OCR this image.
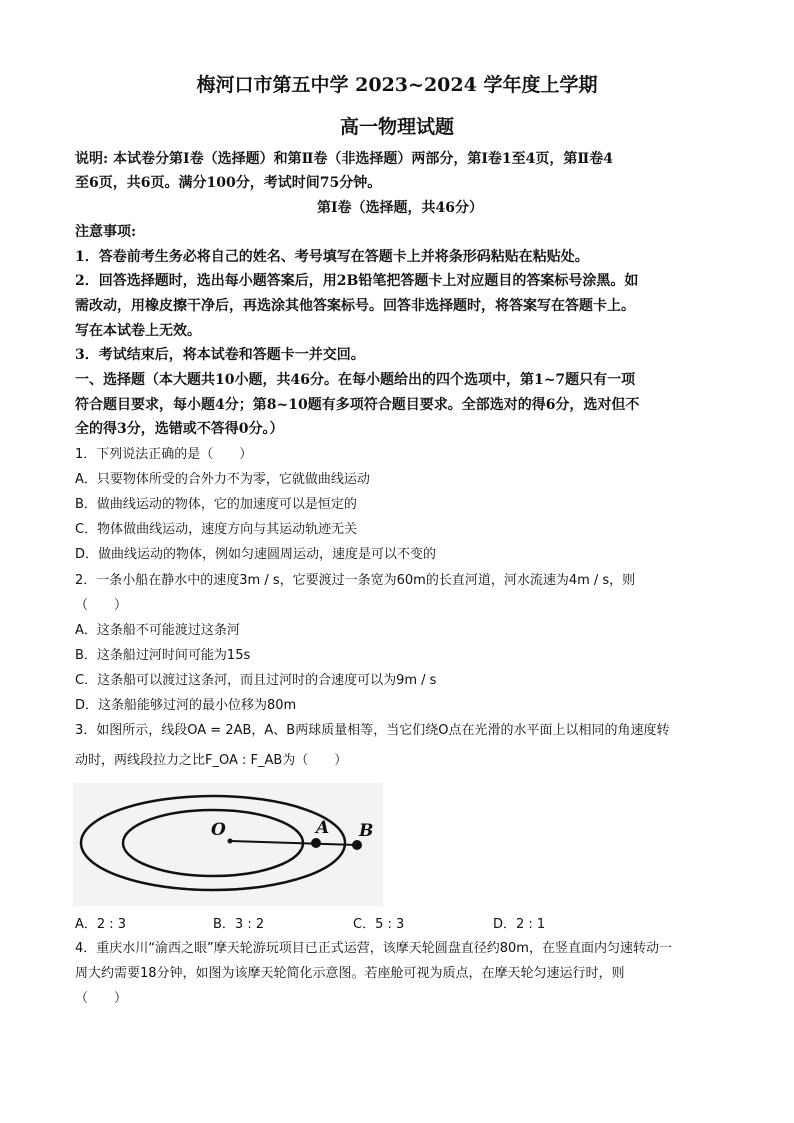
梅河口市第五中学 2023~2024 学年度上学期
高一物理试题
说明: 本试卷分第Ⅰ卷（选择题）和第Ⅱ卷（非选择题）两部分，第Ⅰ卷1至4页，第Ⅱ卷4
至6页，共6页。满分100分，考试时间75分钟。
第Ⅰ卷（选择题，共46分）
注意事项:
1．答卷前考生务必将自己的姓名、考号填写在答题卡上并将条形码粘贴在粘贴处。
2．回答选择题时，选出每小题答案后，用2B铅笔把答题卡上对应题目的答案标号涂黑。如
需改动，用橡皮擦干净后，再选涂其他答案标号。回答非选择题时，将答案写在答题卡上。
写在本试卷上无效。
3．考试结束后，将本试卷和答题卡一并交回。
一、选择题（本大题共10小题，共46分。在每小题给出的四个选项中，第1~7题只有一项
符合题目要求，每小题4分；第8~10题有多项符合题目要求。全部选对的得6分，选对但不
全的得3分，选错或不答得0分。）
1．下列说法正确的是（　　）
A．只要物体所受的合外力不为零，它就做曲线运动
B．做曲线运动的物体，它的加速度可以是恒定的
C．物体做曲线运动，速度方向与其运动轨迹无关
D．做曲线运动的物体，例如匀速圆周运动，速度是可以不变的
2．一条小船在静水中的速度3m / s，它要渡过一条宽为60m的长直河道，河水流速为4m / s，则
（　　）
A．这条船不可能渡过这条河
B．这条船过河时间可能为15s
C．这条船可以渡过这条河，而且过河时的合速度可以为9m / s
D．这条船能够过河的最小位移为80m
3．如图所示，线段OA = 2AB，A、B两球质量相等，当它们绕O点在光滑的水平面上以相同的角速度转
动时，两线段拉力之比F_OA : F_AB为（　　）
O	A B
A．2 : 3	B．3 : 2	C．5 : 3	D．2 : 1
4．重庆水川“渝西之眼”摩天轮游玩项目已正式运营，该摩天轮圆盘直径约80m，在竖直面内匀速转动一
周大约需要18分钟，如图为该摩天轮简化示意图。若座舱可视为质点，在摩天轮匀速运行时，则
（　　）
